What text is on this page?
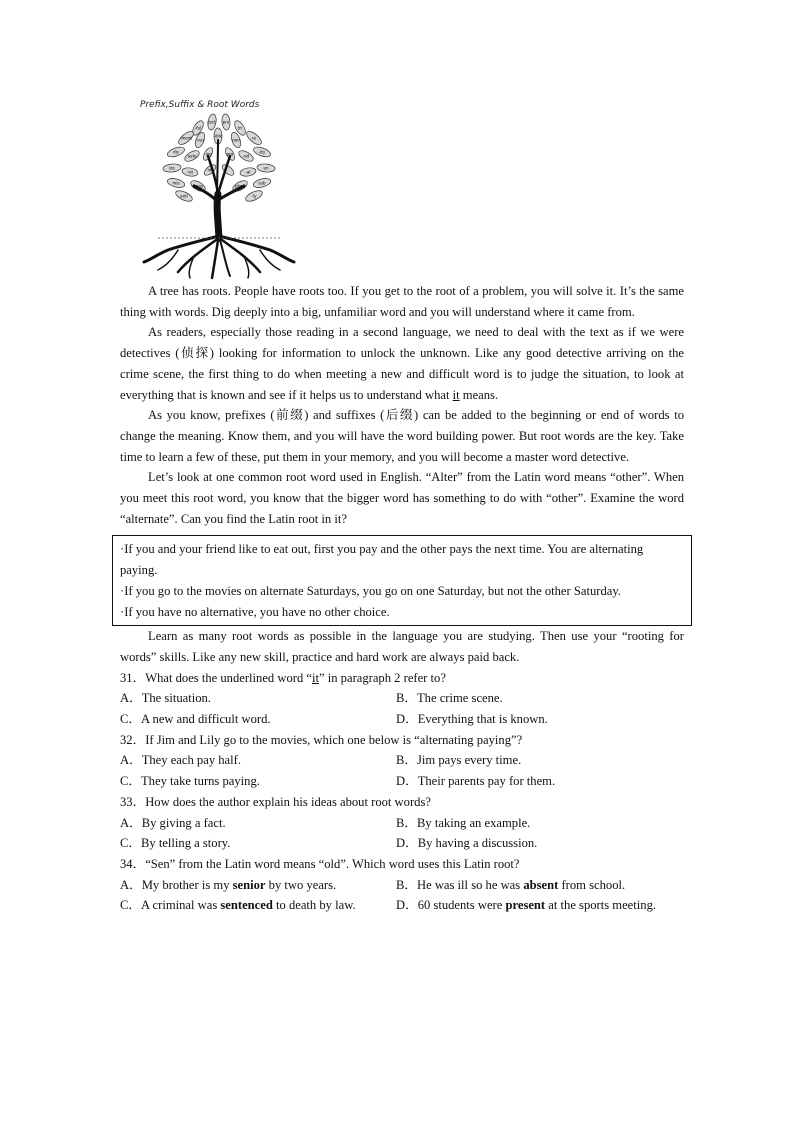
Prefix,Suffix & Root Words
-ful
ject pre
tri
-ment	re
dis	-ity
ize	un
mis	sub
anti	-ly
-ous
-ible
non
auto	-ed
-ist	-al
trans	phon
-ing	pro
im

A tree has roots. People have roots too. If you get to the root of a problem, you will solve it. It’s the same thing with words. Dig deeply into a big, unfamiliar word and you will understand where it came from.

As readers, especially those reading in a second language, we need to deal with the text as if we were detectives (侦探) looking for information to unlock the unknown. Like any good detective arriving on the crime scene, the first thing to do when meeting a new and difficult word is to judge the situation, to look at everything that is known and see if it helps us to understand what it means.

As you know, prefixes (前缀) and suffixes (后缀) can be added to the beginning or end of words to change the meaning. Know them, and you will have the word building power. But root words are the key. Take time to learn a few of these, put them in your memory, and you will become a master word detective.

Let’s look at one common root word used in English. “Alter” from the Latin word means “other”. When you meet this root word, you know that the bigger word has something to do with “other”. Examine the word “alternate”. Can you find the Latin root in it?

·If you and your friend like to eat out, first you pay and the other pays the next time. You are alternating paying.
·If you go to the movies on alternate Saturdays, you go on one Saturday, but not the other Saturday.
·If you have no alternative, you have no other choice.

Learn as many root words as possible in the language you are studying. Then use your “rooting for words” skills. Like any new skill, practice and hard work are always paid back.

31．What does the underlined word “it” in paragraph 2 refer to?
A．The situation.	B．The crime scene.
C．A new and difficult word.	D．Everything that is known.
32．If Jim and Lily go to the movies, which one below is “alternating paying”?
A．They each pay half.	B．Jim pays every time.
C．They take turns paying.	D．Their parents pay for them.
33．How does the author explain his ideas about root words?
A．By giving a fact.	B．By taking an example.
C．By telling a story.	D．By having a discussion.
34．“Sen” from the Latin word means “old”. Which word uses this Latin root?
A．My brother is my senior by two years.	B．He was ill so he was absent from school.
C．A criminal was sentenced to death by law.	D．60 students were present at the sports meeting.
